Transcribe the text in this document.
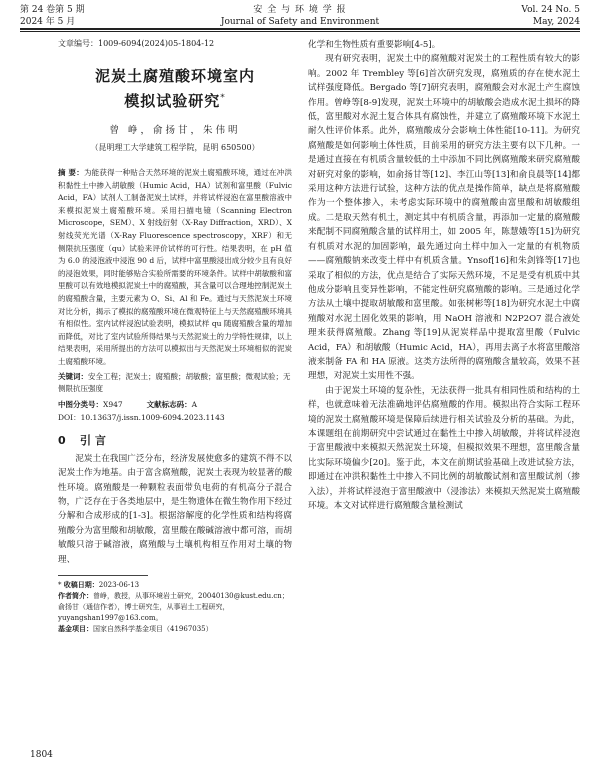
第 24 卷第 5 期
2024 年 5 月
安 全 与 环 境 学 报
Journal of Safety and Environment
Vol. 24 No. 5
May, 2024
文章编号：1009-6094(2024)05-1804-12
泥炭土腐殖酸环境室内
模拟试验研究*
曾 峥，俞扬甘，朱伟明
（昆明理工大学建筑工程学院，昆明 650500）
摘 要：为能获得一种贴合天然环境的泥炭土腐殖酸环境，通过在冲洪积黏性土中掺入胡敏酸（Humic Acid，HA）试剂和富里酸（Fulvic Acid，FA）试剂人工制备泥炭土试样，并将试样浸泡在富里酸溶液中来模拟泥炭土腐殖酸环境。采用扫描电镜（Scanning Electron Microscope，SEM）、X 射线衍射（X-Ray Diffraction，XRD）、X 射线荧光光谱（X-Ray Fluorescence spectroscopy，XRF）和无侧限抗压强度（qu）试验来评价试样的可行性。结果表明，在 pH 值为 6.0 的浸泡液中浸泡 90 d 后，试样中富里酸浸出成分较少且有良好的浸泡效果，同时能够贴合实验所需要的环境条件。试样中胡敏酸和富里酸可以有效地模拟泥炭土中的腐殖酸，其含量可以合理地控制泥炭土的腐殖酸含量，主要元素为 O、Si、Al 和 Fe。通过与天然泥炭土环境对比分析，揭示了模拟的腐殖酸环境在微观特征上与天然腐殖酸环境具有相似性。室内试样浸泡试验表明，模拟试样 qu 随腐殖酸含量的增加而降低，对比了室内试验所得结果与天然泥炭土的力学特性规律，以上结果表明，采用所提出的方法可以模拟出与天然泥炭土环境相似的泥炭土腐殖酸环境。
关键词：安全工程；泥炭土；腐殖酸；胡敏酸；富里酸；微观试验；无侧限抗压强度
中图分类号：X947	文献标志码：A
DOI：10.13637/j.issn.1009-6094.2023.1143
0 引 言

泥炭土在我国广泛分布，经济发展使愈多的建筑不得不以泥炭土作为地基。由于富含腐殖酸，泥炭土表现为较显著的酸性环境。腐殖酸是一种颗粒表面带负电荷的有机高分子混合物，广泛存在于各类地层中，是生物遗体在微生物作用下经过分解和合成形成的[1-3]。根据溶解度的化学性质和结构将腐殖酸分为富里酸和胡敏酸，富里酸在酸碱溶液中都可溶，而胡敏酸只溶于碱溶液，腐殖酸与土壤机构相互作用对土壤的物理、

* 收稿日期：2023-06-13
作者简介：曾峥，教授，从事环境岩土研究，20040130@kust.edu.cn；俞扬甘（通信作者），博士研究生，从事岩土工程研究，yuyangshan1997@163.com。
基金项目：国家自然科学基金项目（41967035）

化学和生物性质有重要影响[4-5]。

现有研究表明，泥炭土中的腐殖酸对泥炭土的工程性质有较大的影响。2002 年 Trembley 等[6]首次研究发现，腐殖质的存在使水泥土试样强度降低。Bergado 等[7]研究表明，腐殖酸会对水泥土产生腐蚀作用。曾峥等[8-9]发现，泥炭土环境中的胡敏酸会造成水泥土损坏的降低，富里酸对水泥土复合体具有腐蚀性，并建立了腐殖酸环境下水泥土耐久性评价体系。此外，腐殖酸成分会影响土体性能[10-11]。为研究腐殖酸是如何影响土体性质，目前采用的研究方法主要有以下几种。一是通过直接在有机质含量较低的土中添加不同比例腐殖酸来研究腐殖酸对研究对象的影响，如俞扬甘等[12]、李江山等[13]和俞良晨等[14]都采用这种方法进行试验，这种方法的优点是操作简单，缺点是将腐殖酸作为一个整体掺入，未考虑实际环境中的腐殖酸由富里酸和胡敏酸组成。二是取天然有机土，测定其中有机质含量，再添加一定量的腐殖酸来配制不同腐殖酸含量的试样用土，如 2005 年，陈慧娥等[15]为研究有机质对水泥的加固影响，最先通过向土样中加入一定量的有机物质——腐殖酸钠来改变土样中有机质含量。Ynsof[16]和朱剑锋等[17]也采取了相似的方法，优点是结合了实际天然环境，不足是受有机质中其他成分影响且变异性影响，不能定性研究腐殖酸的影响。三是通过化学方法从土壤中提取胡敏酸和富里酸。如张树彬等[18]为研究水泥土中腐殖酸对水泥土固化效果的影响，用 NaOH 溶液和 N2P2O7 混合液处理来获得腐殖酸。Zhang 等[19]从泥炭样品中提取富里酸（Fulvic Acid，FA）和胡敏酸（Humic Acid，HA），再用去离子水将富里酸溶液来制备 FA 和 HA 原液。这类方法所得的腐殖酸含量较高，效果不甚理想，对泥炭土实用性不强。

由于泥炭土环境的复杂性，无法获得一批具有相同性质和结构的土样，也就意味着无法准确地评估腐殖酸的作用。模拟出符合实际工程环境的泥炭土腐殖酸环境是保障后续进行相关试验及分析的基础。为此，本课题组在前期研究中尝试通过在黏性土中掺入胡敏酸，并将试样浸泡于富里酸液中来模拟天然泥炭土环境，但模拟效果不理想，富里酸含量比实际环境偏少[20]。鉴于此，本文在前期试验基础上改进试验方法，即通过在冲洪积黏性土中掺入不同比例的胡敏酸试剂和富里酸试剂（掺入法），并将试样浸泡于富里酸液中（浸渗法）来模拟天然泥炭土腐殖酸环境。本文对试样进行腐殖酸含量检测试

1804
